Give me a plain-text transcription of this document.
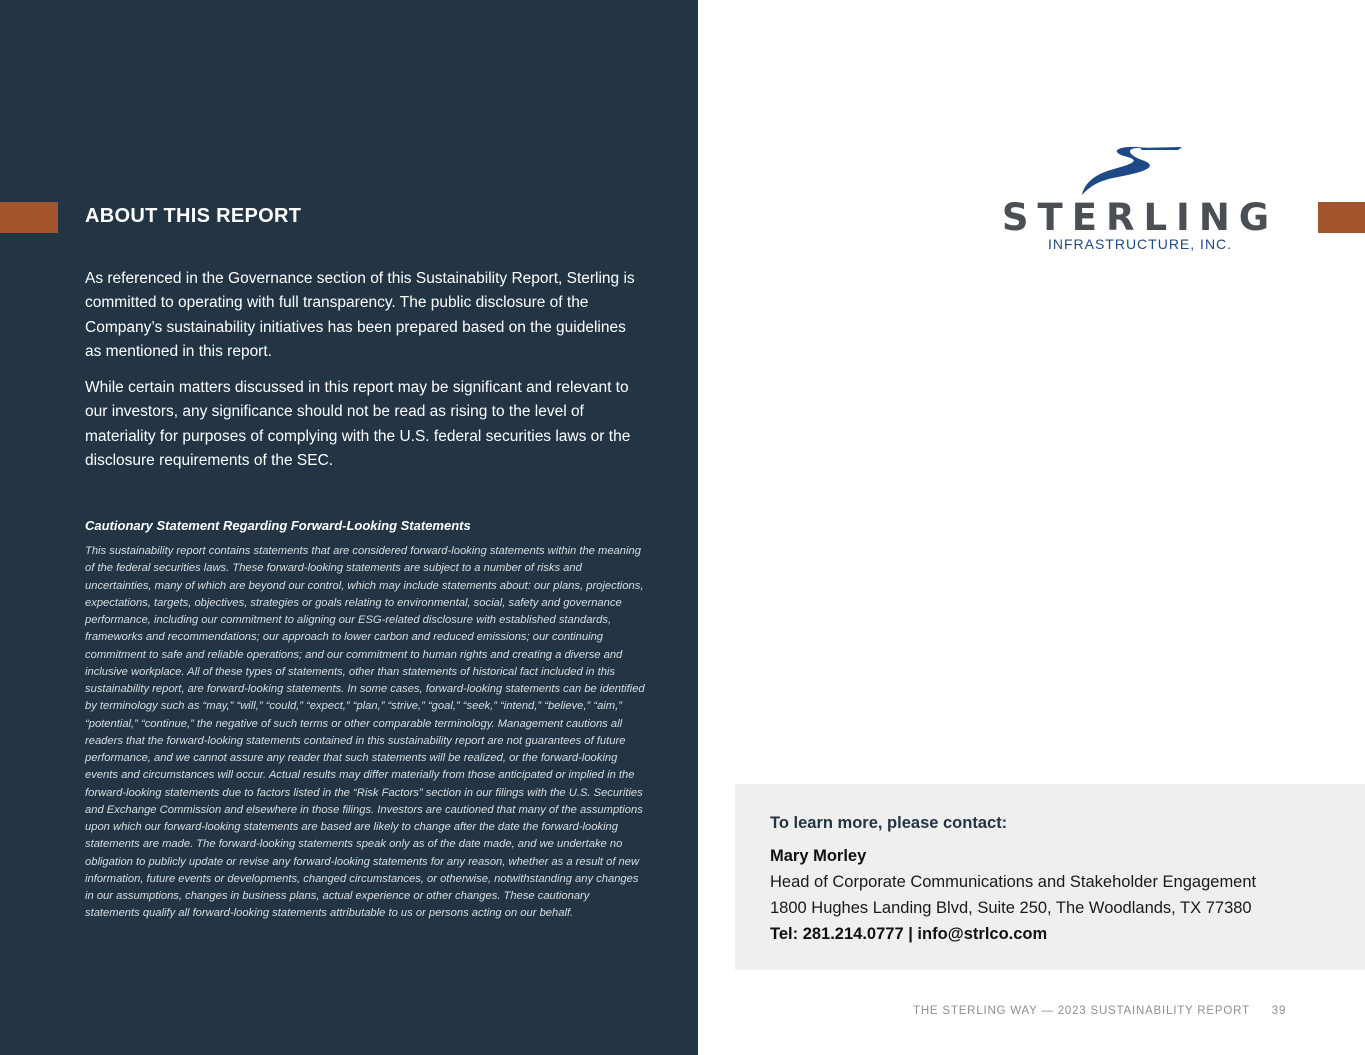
ABOUT THIS REPORT

As referenced in the Governance section of this Sustainability Report, Sterling is committed to operating with full transparency. The public disclosure of the Company’s sustainability initiatives has been prepared based on the guidelines as mentioned in this report.

While certain matters discussed in this report may be significant and relevant to our investors, any significance should not be read as rising to the level of materiality for purposes of complying with the U.S. federal securities laws or the disclosure requirements of the SEC.

Cautionary Statement Regarding Forward-Looking Statements

This sustainability report contains statements that are considered forward-looking statements within the meaning of the federal securities laws. These forward-looking statements are subject to a number of risks and uncertainties, many of which are beyond our control, which may include statements about: our plans, projections, expectations, targets, objectives, strategies or goals relating to environmental, social, safety and governance performance, including our commitment to aligning our ESG-related disclosure with established standards, frameworks and recommendations; our approach to lower carbon and reduced emissions; our continuing commitment to safe and reliable operations; and our commitment to human rights and creating a diverse and inclusive workplace. All of these types of statements, other than statements of historical fact included in this sustainability report, are forward-looking statements. In some cases, forward-looking statements can be identified by terminology such as “may,” “will,” “could,” “expect,” “plan,” “strive,” “goal,” “seek,” “intend,” “believe,” “aim,” “potential,” “continue,” the negative of such terms or other comparable terminology. Management cautions all readers that the forward-looking statements contained in this sustainability report are not guarantees of future performance, and we cannot assure any reader that such statements will be realized, or the forward-looking events and circumstances will occur. Actual results may differ materially from those anticipated or implied in the forward-looking statements due to factors listed in the “Risk Factors” section in our filings with the U.S. Securities and Exchange Commission and elsewhere in those filings. Investors are cautioned that many of the assumptions upon which our forward-looking statements are based are likely to change after the date the forward-looking statements are made. The forward-looking statements speak only as of the date made, and we undertake no obligation to publicly update or revise any forward-looking statements for any reason, whether as a result of new information, future events or developments, changed circumstances, or otherwise, notwithstanding any changes in our assumptions, changes in business plans, actual experience or other changes. These cautionary statements qualify all forward-looking statements attributable to us or persons acting on our behalf.

STERLING
INFRASTRUCTURE, INC.

To learn more, please contact:

Mary Morley

Head of Corporate Communications and Stakeholder Engagement

1800 Hughes Landing Blvd, Suite 250, The Woodlands, TX 77380

Tel: 281.214.0777 | info@strlco.com

THE STERLING WAY — 2023 SUSTAINABILITY REPORT 39
